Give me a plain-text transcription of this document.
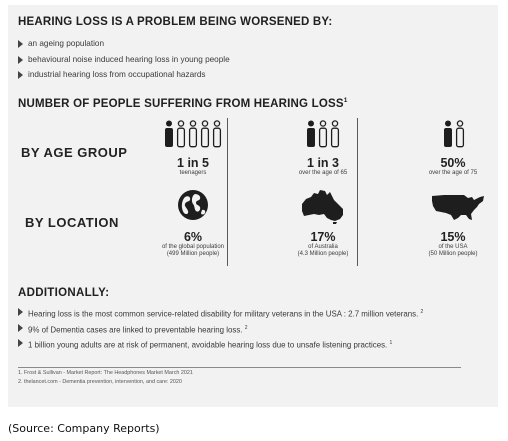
HEARING LOSS IS A PROBLEM BEING WORSENED BY:
an ageing population
behavioural noise induced hearing loss in young people
industrial hearing loss from occupational hazards
NUMBER OF PEOPLE SUFFERING FROM HEARING LOSS$^1$
BY AGE GROUP
BY LOCATION
1 in 5
teenagers
1 in 3
over the age of 65
50%
over the age of 75
6%
of the global population
(499 Million people)
17%
of Australia
(4.3 Million people)
15%
of the USA
(50 Million people)
ADDITIONALLY:
Hearing loss is the most common service-related disability for military veterans in the USA : 2.7 million veterans. $^2$
9% of Dementia cases are linked to preventable hearing loss. $^2$
1 billion young adults are at risk of permanent, avoidable hearing loss due to unsafe listening practices. $^1$
1. Frost & Sullivan - Market Report: The Headphones Market March 2021
2. thelancet.com - Dementia prevention, intervention, and care: 2020
(Source: Company Reports)
